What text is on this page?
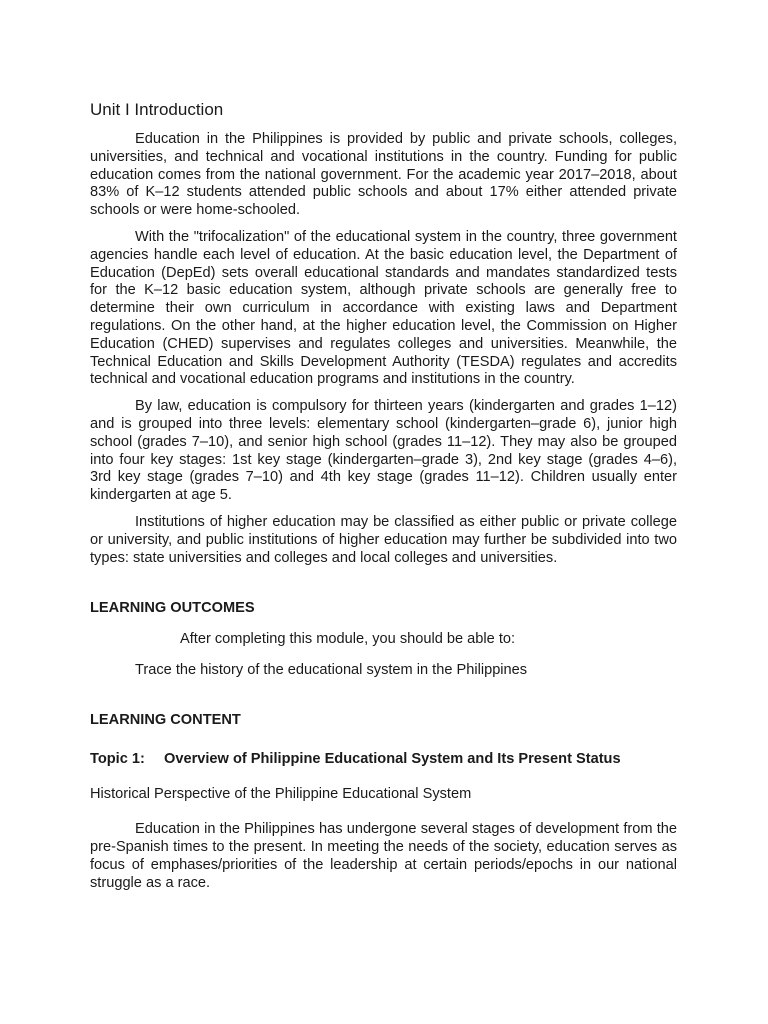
Unit I Introduction

Education in the Philippines is provided by public and private schools, colleges, universities, and technical and vocational institutions in the country. Funding for public education comes from the national government. For the academic year 2017–2018, about 83% of K–12 students attended public schools and about 17% either attended private schools or were home-schooled.

With the "trifocalization" of the educational system in the country, three government agencies handle each level of education. At the basic education level, the Department of Education (DepEd) sets overall educational standards and mandates standardized tests for the K–12 basic education system, although private schools are generally free to determine their own curriculum in accordance with existing laws and Department regulations. On the other hand, at the higher education level, the Commission on Higher Education (CHED) supervises and regulates colleges and universities. Meanwhile, the Technical Education and Skills Development Authority (TESDA) regulates and accredits technical and vocational education programs and institutions in the country.

By law, education is compulsory for thirteen years (kindergarten and grades 1–12) and is grouped into three levels: elementary school (kindergarten–grade 6), junior high school (grades 7–10), and senior high school (grades 11–12). They may also be grouped into four key stages: 1st key stage (kindergarten–grade 3), 2nd key stage (grades 4–6), 3rd key stage (grades 7–10) and 4th key stage (grades 11–12). Children usually enter kindergarten at age 5.

Institutions of higher education may be classified as either public or private college or university, and public institutions of higher education may further be subdivided into two types: state universities and colleges and local colleges and universities.

LEARNING OUTCOMES

After completing this module, you should be able to:

Trace the history of the educational system in the Philippines

LEARNING CONTENT

Topic 1: Overview of Philippine Educational System and Its Present Status

Historical Perspective of the Philippine Educational System

Education in the Philippines has undergone several stages of development from the pre-Spanish times to the present. In meeting the needs of the society, education serves as focus of emphases/priorities of the leadership at certain periods/epochs in our national struggle as a race.
